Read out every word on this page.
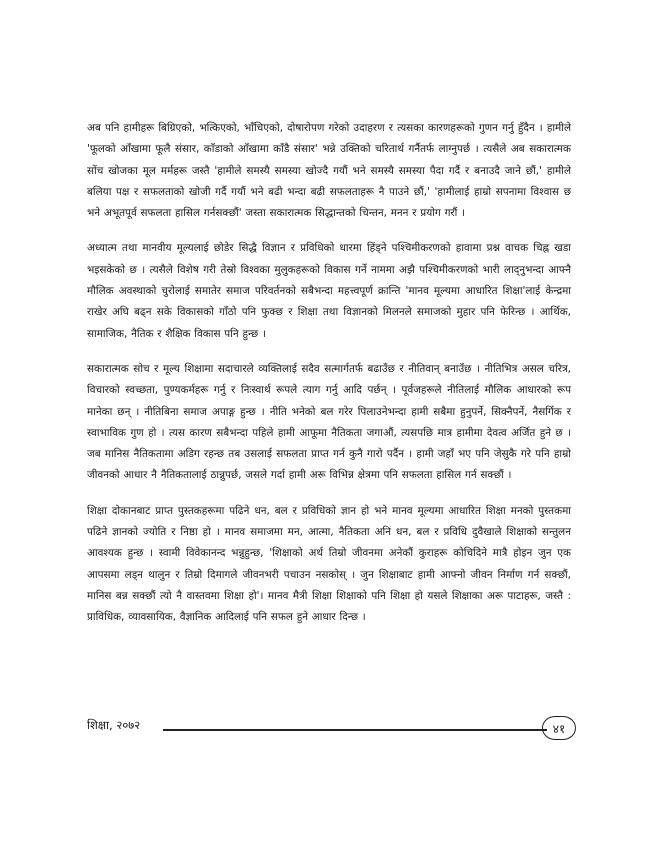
अब पनि हामीहरू बिग्रिएको, भत्किएको, भाँचिएको, दोषारोपण गरेको उदाहरण र त्यसका कारणहरूको गुणन गर्नु हुँदैन । हामीले 'फूलको आँखामा फूलै संसार, काँडाको आँखामा काँडै संसार' भन्ने उक्तिको चरितार्थ गर्नैतर्फ लाग्नुपर्छ । त्यसैले अब सकारात्मक सोंच खोजका मूल मर्महरू जस्तै 'हामीले समस्यै समस्या खोज्दै गयौं भने समस्यै समस्या पैदा गर्दै र बनाउदै जाने छौं,' हामीले बलिया पक्ष र सफलताको खोजी गर्दै गयौं भने बढी भन्दा बढी सफलताहरू नै पाउने छौं,' 'हामीलाई हाम्रो सपनामा विश्वास छ भने अभूतपूर्व सफलता हासिल गर्नसक्छौं' जस्ता सकारात्मक सिद्धान्तको चिन्तन, मनन र प्रयोग गरौं ।

अध्यात्म तथा मानवीय मूल्यलाई छोडेर सिद्धै विज्ञान र प्रविधिको धारमा हिंड्ने पश्चिमीकरणको हावामा प्रश्न वाचक चिह्न खडा भइसकेको छ । त्यसैले विशेष गरी तेस्रो विश्वका मुलुकहरूको विकास गर्ने नाममा अझै पश्चिमीकरणको भारी लाद्नुभन्दा आफ्नै मौलिक अवस्थाको चुरोलाई समातेर समाज परिवर्तनको सबैभन्दा महत्त्वपूर्ण क्रान्ति 'मानव मूल्यमा आधारित शिक्षा'लाई केन्द्रमा राखेर अघि बढ्न सके विकासको गाँठो पनि फुक्छ र शिक्षा तथा विज्ञानको मिलनले समाजको मुहार पनि फेरिन्छ । आर्थिक, सामाजिक, नैतिक र शैक्षिक विकास पनि हुन्छ ।

सकारात्मक सोच र मूल्य शिक्षामा सदाचारले व्यक्तिलाई सदैव सत्मार्गतर्फ बढाउँछ र नीतिवान् बनाउँछ । नीतिभित्र असल चरित्र, विचारको स्वच्छता, पुण्यकर्महरू गर्नु र निःस्वार्थ रूपले त्याग गर्नु आदि पर्छन् । पूर्वजहरूले नीतिलाई मौलिक आधारको रूप मानेका छन् । नीतिबिना समाज अपाङ्ग हुन्छ । नीति भनेको बल गरेर पिलाउनेभन्दा हामी सबैमा हुनुपर्ने, सिक्नैपर्ने, नैसर्गिक र स्वाभाविक गुण हो । त्यस कारण सबैभन्दा पहिले हामी आफूमा नैतिकता जगाऔं, त्यसपछि मात्र हामीमा देवत्व अर्जित हुने छ । जब मानिस नैतिकतामा अडिग रहन्छ तब उसलाई सफलता प्राप्त गर्न कुनै गारो पर्दैन । हामी जहाँ भए पनि जेसुकै गरे पनि हाम्रो जीवनको आधार नै नैतिकतालाई ठान्नुपर्छ, जसले गर्दा हामी अरू विभिन्न क्षेत्रमा पनि सफलता हासिल गर्न सक्छौं ।

शिक्षा दोकानबाट प्राप्त पुस्तकहरूमा पढिने धन, बल र प्रविधिको ज्ञान हो भने मानव मूल्यमा आधारित शिक्षा मनको पुस्तकमा पढिने ज्ञानको ज्योति र निष्ठा हो । मानव समाजमा मन, आत्मा, नैतिकता अनि धन, बल र प्रविधि दुवैखाले शिक्षाको सन्तुलन आवश्यक हुन्छ । स्वामी विवेकानन्द भन्नुहुन्छ, 'शिक्षाको अर्थ तिम्रो जीवनमा अनेकौं कुराहरू कोचिदिने मात्रै होइन जुन एक आपसमा लड्न थालुन र तिम्रो दिमागले जीवनभरी पचाउन नसकोस् । जुन शिक्षाबाट हामी आफ्नो जीवन निर्माण गर्न सक्छौं, मानिस बन्न सक्छौं त्यो नै वास्तवमा शिक्षा हो'। मानव मैत्री शिक्षा शिक्षाको पनि शिक्षा हो यसले शिक्षाका अरू पाटाहरू, जस्तै : प्राविधिक, व्यावसायिक, वैज्ञानिक आदिलाई पनि सफल हुने आधार दिन्छ ।

शिक्षा, २०७२	४१
